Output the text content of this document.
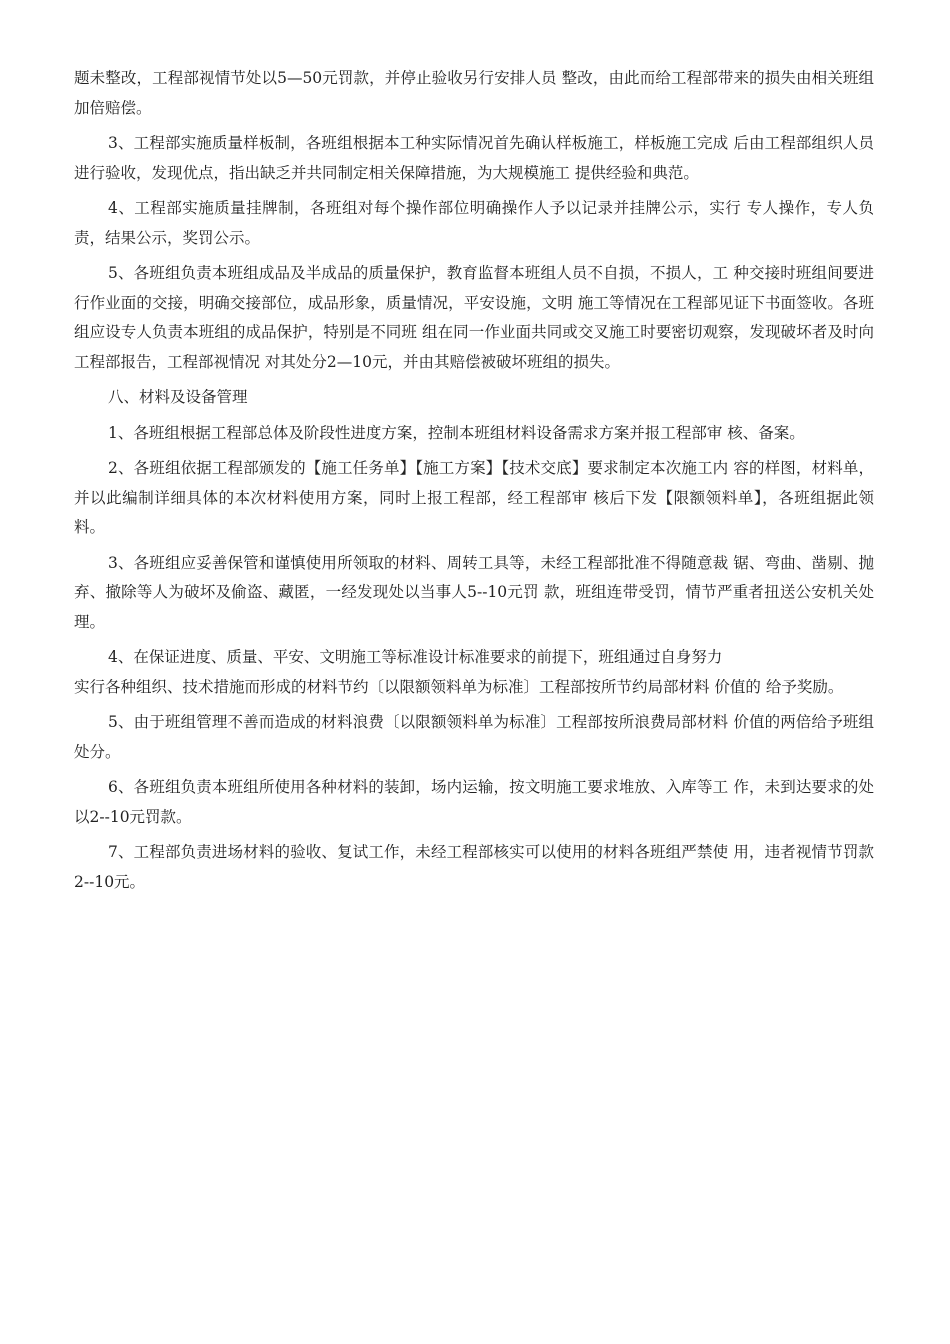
题未整改，工程部视情节处以5—50元罚款，并停止验收另行安排人员 整改，由此而给工程部带来的损失由相关班组加倍赔偿。

3、工程部实施质量样板制，各班组根据本工种实际情况首先确认样板施工，样板施工完成 后由工程部组织人员进行验收，发现优点，指出缺乏并共同制定相关保障措施，为大规模施工 提供经验和典范。

4、工程部实施质量挂牌制，各班组对每个操作部位明确操作人予以记录并挂牌公示，实行 专人操作，专人负责，结果公示，奖罚公示。

5、各班组负责本班组成品及半成品的质量保护，教育监督本班组人员不自损，不损人，工 种交接时班组间要进行作业面的交接，明确交接部位，成品形象，质量情况，平安设施，文明 施工等情况在工程部见证下书面签收。各班组应设专人负责本班组的成品保护，特别是不同班 组在同一作业面共同或交叉施工时要密切观察，发现破坏者及时向工程部报告，工程部视情况 对其处分2—10元，并由其赔偿被破坏班组的损失。

八、材料及设备管理

1、各班组根据工程部总体及阶段性进度方案，控制本班组材料设备需求方案并报工程部审 核、备案。

2、各班组依据工程部颁发的【施工任务单】【施工方案】【技术交底】要求制定本次施工内 容的样图，材料单，并以此编制详细具体的本次材料使用方案，同时上报工程部，经工程部审 核后下发【限额领料单】，各班组据此领料。

3、各班组应妥善保管和谨慎使用所领取的材料、周转工具等，未经工程部批准不得随意裁 锯、弯曲、凿剔、抛弃、撤除等人为破坏及偷盗、藏匿，一经发现处以当事人5--10元罚 款，班组连带受罚，情节严重者扭送公安机关处理。

4、在保证进度、质量、平安、文明施工等标准设计标准要求的前提下，班组通过自身努力

实行各种组织、技术措施而形成的材料节约〔以限额领料单为标准〕工程部按所节约局部材料 价值的 给予奖励。

5、由于班组管理不善而造成的材料浪费〔以限额领料单为标准〕工程部按所浪费局部材料 价值的两倍给予班组处分。

6、各班组负责本班组所使用各种材料的装卸，场内运输，按文明施工要求堆放、入库等工 作，未到达要求的处以2--10元罚款。

7、工程部负责进场材料的验收、复试工作，未经工程部核实可以使用的材料各班组严禁使 用，违者视情节罚款2--10元。
